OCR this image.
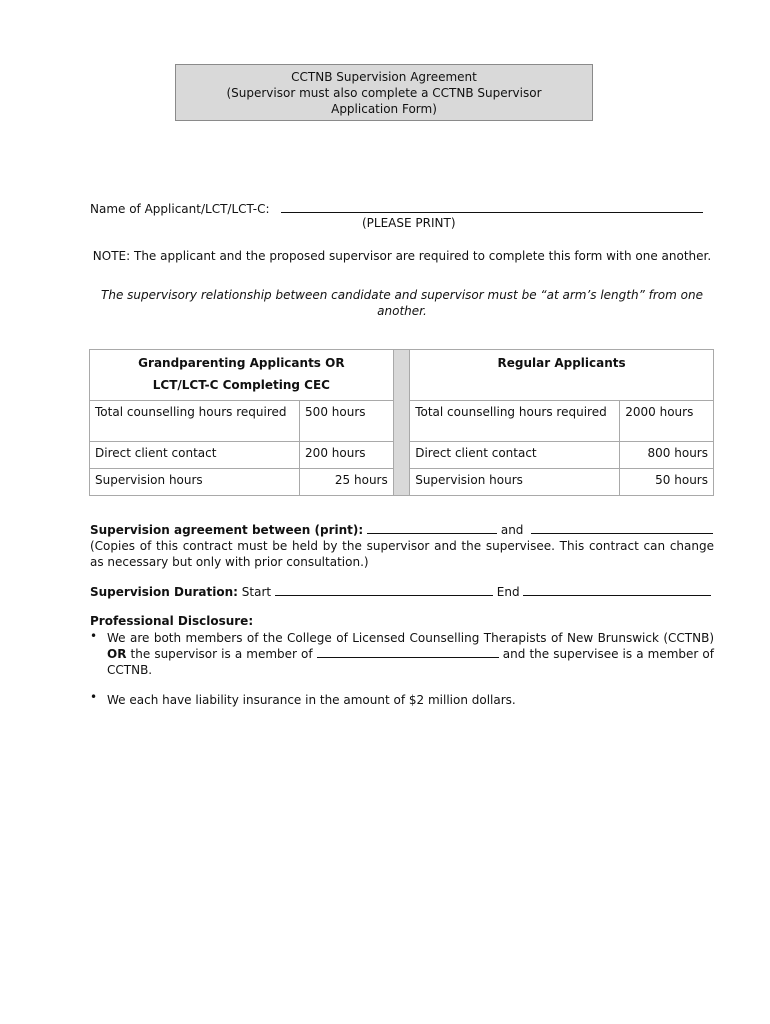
CCTNB Supervision Agreement
(Supervisor must also complete a CCTNB Supervisor
Application Form)
Name of Applicant/LCT/LCT-C:
(PLEASE PRINT)
NOTE: The applicant and the proposed supervisor are required to complete this form with one another.
The supervisory relationship between candidate and supervisor must be “at arm’s length” from one another.
Grandparenting Applicants OR
LCT/LCT-C Completing CEC			Regular Applicants	
Total counselling hours required	500 hours		Total counselling hours required	2000 hours
Direct client contact	200 hours		Direct client contact	800 hours
Supervision hours	25 hours		Supervision hours	50 hours
Supervision agreement between (print):	and
(Copies of this contract must be held by the supervisor and the supervisee. This contract can change as necessary but only with prior consultation.)
Supervision Duration: Start	End
Professional Disclosure:
• We are both members of the College of Licensed Counselling Therapists of New Brunswick (CCTNB) OR the supervisor is a member of	and the supervisee is a member of CCTNB.
• We each have liability insurance in the amount of $2 million dollars.
